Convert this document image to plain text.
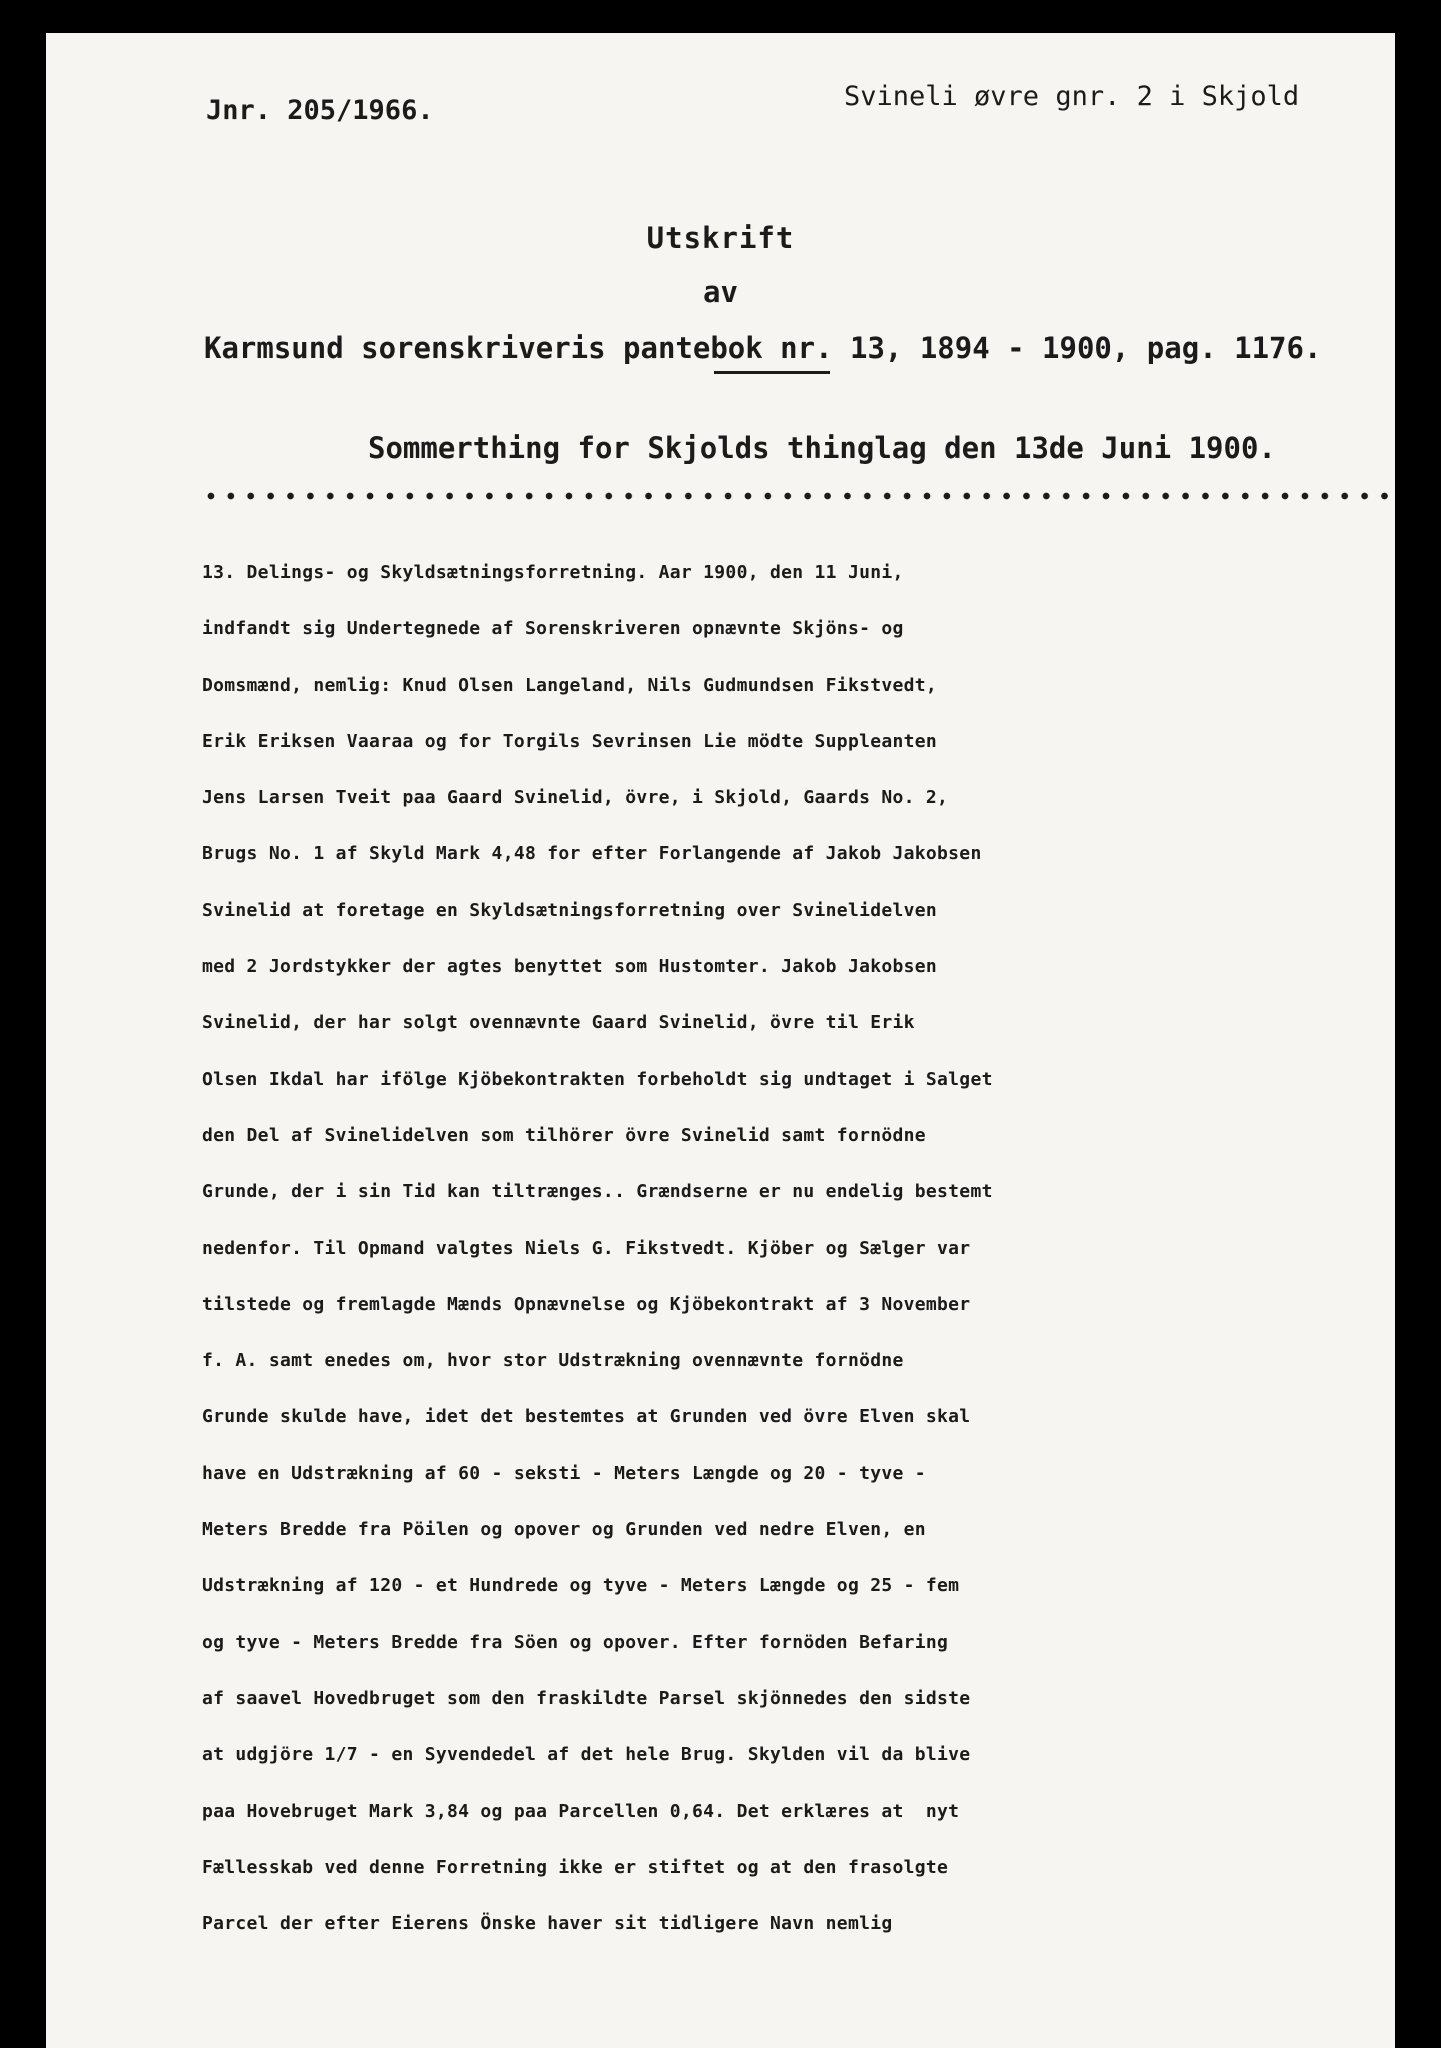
Jnr. 205/1966.	Svineli øvre gnr. 2 i Skjold
Utskrift
av
Karmsund sorenskriveris pantebok nr. 13, 1894 - 1900, pag. 1176.
Sommerthing for Skjolds thinglag den 13de Juni 1900.
13. Delings- og Skyldsætningsforretning. Aar 1900, den 11 Juni,
indfandt sig Undertegnede af Sorenskriveren opnævnte Skjöns- og
Domsmænd, nemlig: Knud Olsen Langeland, Nils Gudmundsen Fikstvedt,
Erik Eriksen Vaaraa og for Torgils Sevrinsen Lie mödte Suppleanten
Jens Larsen Tveit paa Gaard Svinelid, övre, i Skjold, Gaards No. 2,
Brugs No. 1 af Skyld Mark 4,48 for efter Forlangende af Jakob Jakobsen
Svinelid at foretage en Skyldsætningsforretning over Svinelidelven
med 2 Jordstykker der agtes benyttet som Hustomter. Jakob Jakobsen
Svinelid, der har solgt ovennævnte Gaard Svinelid, övre til Erik
Olsen Ikdal har ifölge Kjöbekontrakten forbeholdt sig undtaget i Salget
den Del af Svinelidelven som tilhörer övre Svinelid samt fornödne
Grunde, der i sin Tid kan tiltrænges.. Grændserne er nu endelig bestemt
nedenfor. Til Opmand valgtes Niels G. Fikstvedt. Kjöber og Sælger var
tilstede og fremlagde Mænds Opnævnelse og Kjöbekontrakt af 3 November
f. A. samt enedes om, hvor stor Udstrækning ovennævnte fornödne
Grunde skulde have, idet det bestemtes at Grunden ved övre Elven skal
have en Udstrækning af 60 - seksti - Meters Længde og 20 - tyve -
Meters Bredde fra Pöilen og opover og Grunden ved nedre Elven, en
Udstrækning af 120 - et Hundrede og tyve - Meters Længde og 25 - fem
og tyve - Meters Bredde fra Söen og opover. Efter fornöden Befaring
af saavel Hovedbruget som den fraskildte Parsel skjönnedes den sidste
at udgjöre 1/7 - en Syvendedel af det hele Brug. Skylden vil da blive
paa Hovebruget Mark 3,84 og paa Parcellen 0,64. Det erklæres at  nyt
Fællesskab ved denne Forretning ikke er stiftet og at den frasolgte
Parcel der efter Eierens Önske haver sit tidligere Navn nemlig
